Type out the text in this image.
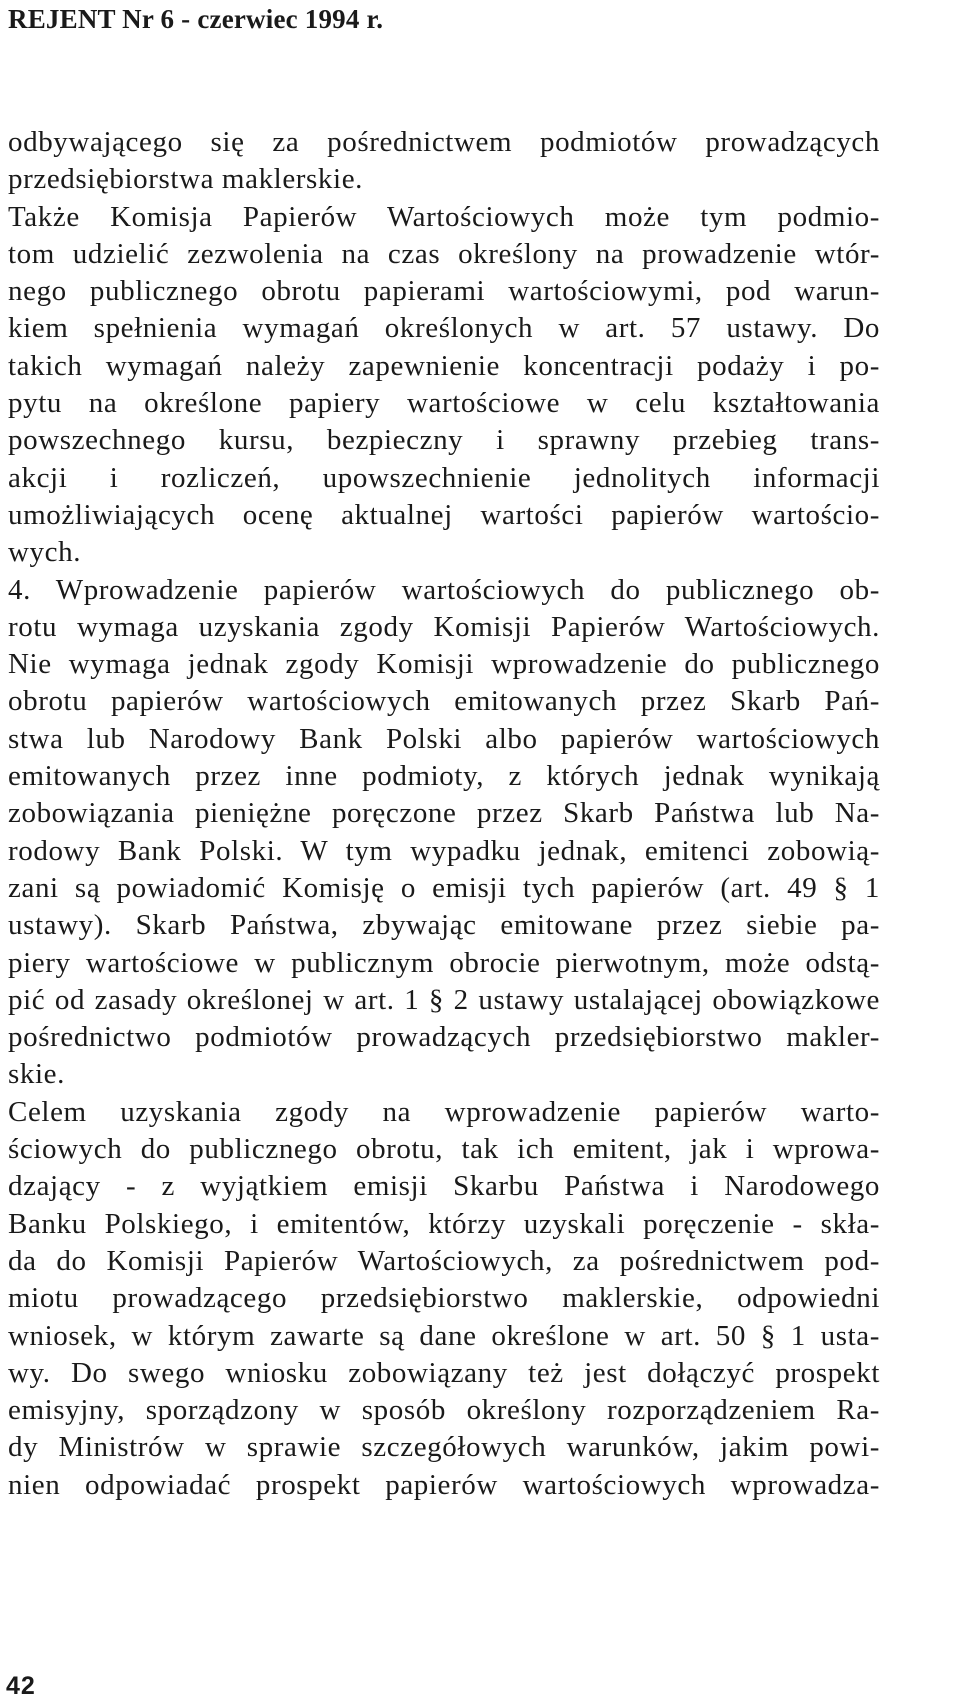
REJENT Nr 6 - czerwiec 1994 r.
odbywającego się za pośrednictwem podmiotów prowadzących
przedsiębiorstwa maklerskie.
Także Komisja Papierów Wartościowych może tym podmio-
tom udzielić zezwolenia na czas określony na prowadzenie wtór-
nego publicznego obrotu papierami wartościowymi, pod warun-
kiem spełnienia wymagań określonych w art. 57 ustawy. Do
takich wymagań należy zapewnienie koncentracji podaży i po-
pytu na określone papiery wartościowe w celu kształtowania
powszechnego kursu, bezpieczny i sprawny przebieg trans-
akcji i rozliczeń, upowszechnienie jednolitych informacji
umożliwiających ocenę aktualnej wartości papierów wartościo-
wych.
4. Wprowadzenie papierów wartościowych do publicznego ob-
rotu wymaga uzyskania zgody Komisji Papierów Wartościowych.
Nie wymaga jednak zgody Komisji wprowadzenie do publicznego
obrotu papierów wartościowych emitowanych przez Skarb Pań-
stwa lub Narodowy Bank Polski albo papierów wartościowych
emitowanych przez inne podmioty, z których jednak wynikają
zobowiązania pieniężne poręczone przez Skarb Państwa lub Na-
rodowy Bank Polski. W tym wypadku jednak, emitenci zobowią-
zani są powiadomić Komisję o emisji tych papierów (art. 49 § 1
ustawy). Skarb Państwa, zbywając emitowane przez siebie pa-
piery wartościowe w publicznym obrocie pierwotnym, może odstą-
pić od zasady określonej w art. 1 § 2 ustawy ustalającej obowiązkowe
pośrednictwo podmiotów prowadzących przedsiębiorstwo makler-
skie.
Celem uzyskania zgody na wprowadzenie papierów warto-
ściowych do publicznego obrotu, tak ich emitent, jak i wprowa-
dzający - z wyjątkiem emisji Skarbu Państwa i Narodowego
Banku Polskiego, i emitentów, którzy uzyskali poręczenie - skła-
da do Komisji Papierów Wartościowych, za pośrednictwem pod-
miotu prowadzącego przedsiębiorstwo maklerskie, odpowiedni
wniosek, w którym zawarte są dane określone w art. 50 § 1 usta-
wy. Do swego wniosku zobowiązany też jest dołączyć prospekt
emisyjny, sporządzony w sposób określony rozporządzeniem Ra-
dy Ministrów w sprawie szczegółowych warunków, jakim powi-
nien odpowiadać prospekt papierów wartościowych wprowadza-
42
